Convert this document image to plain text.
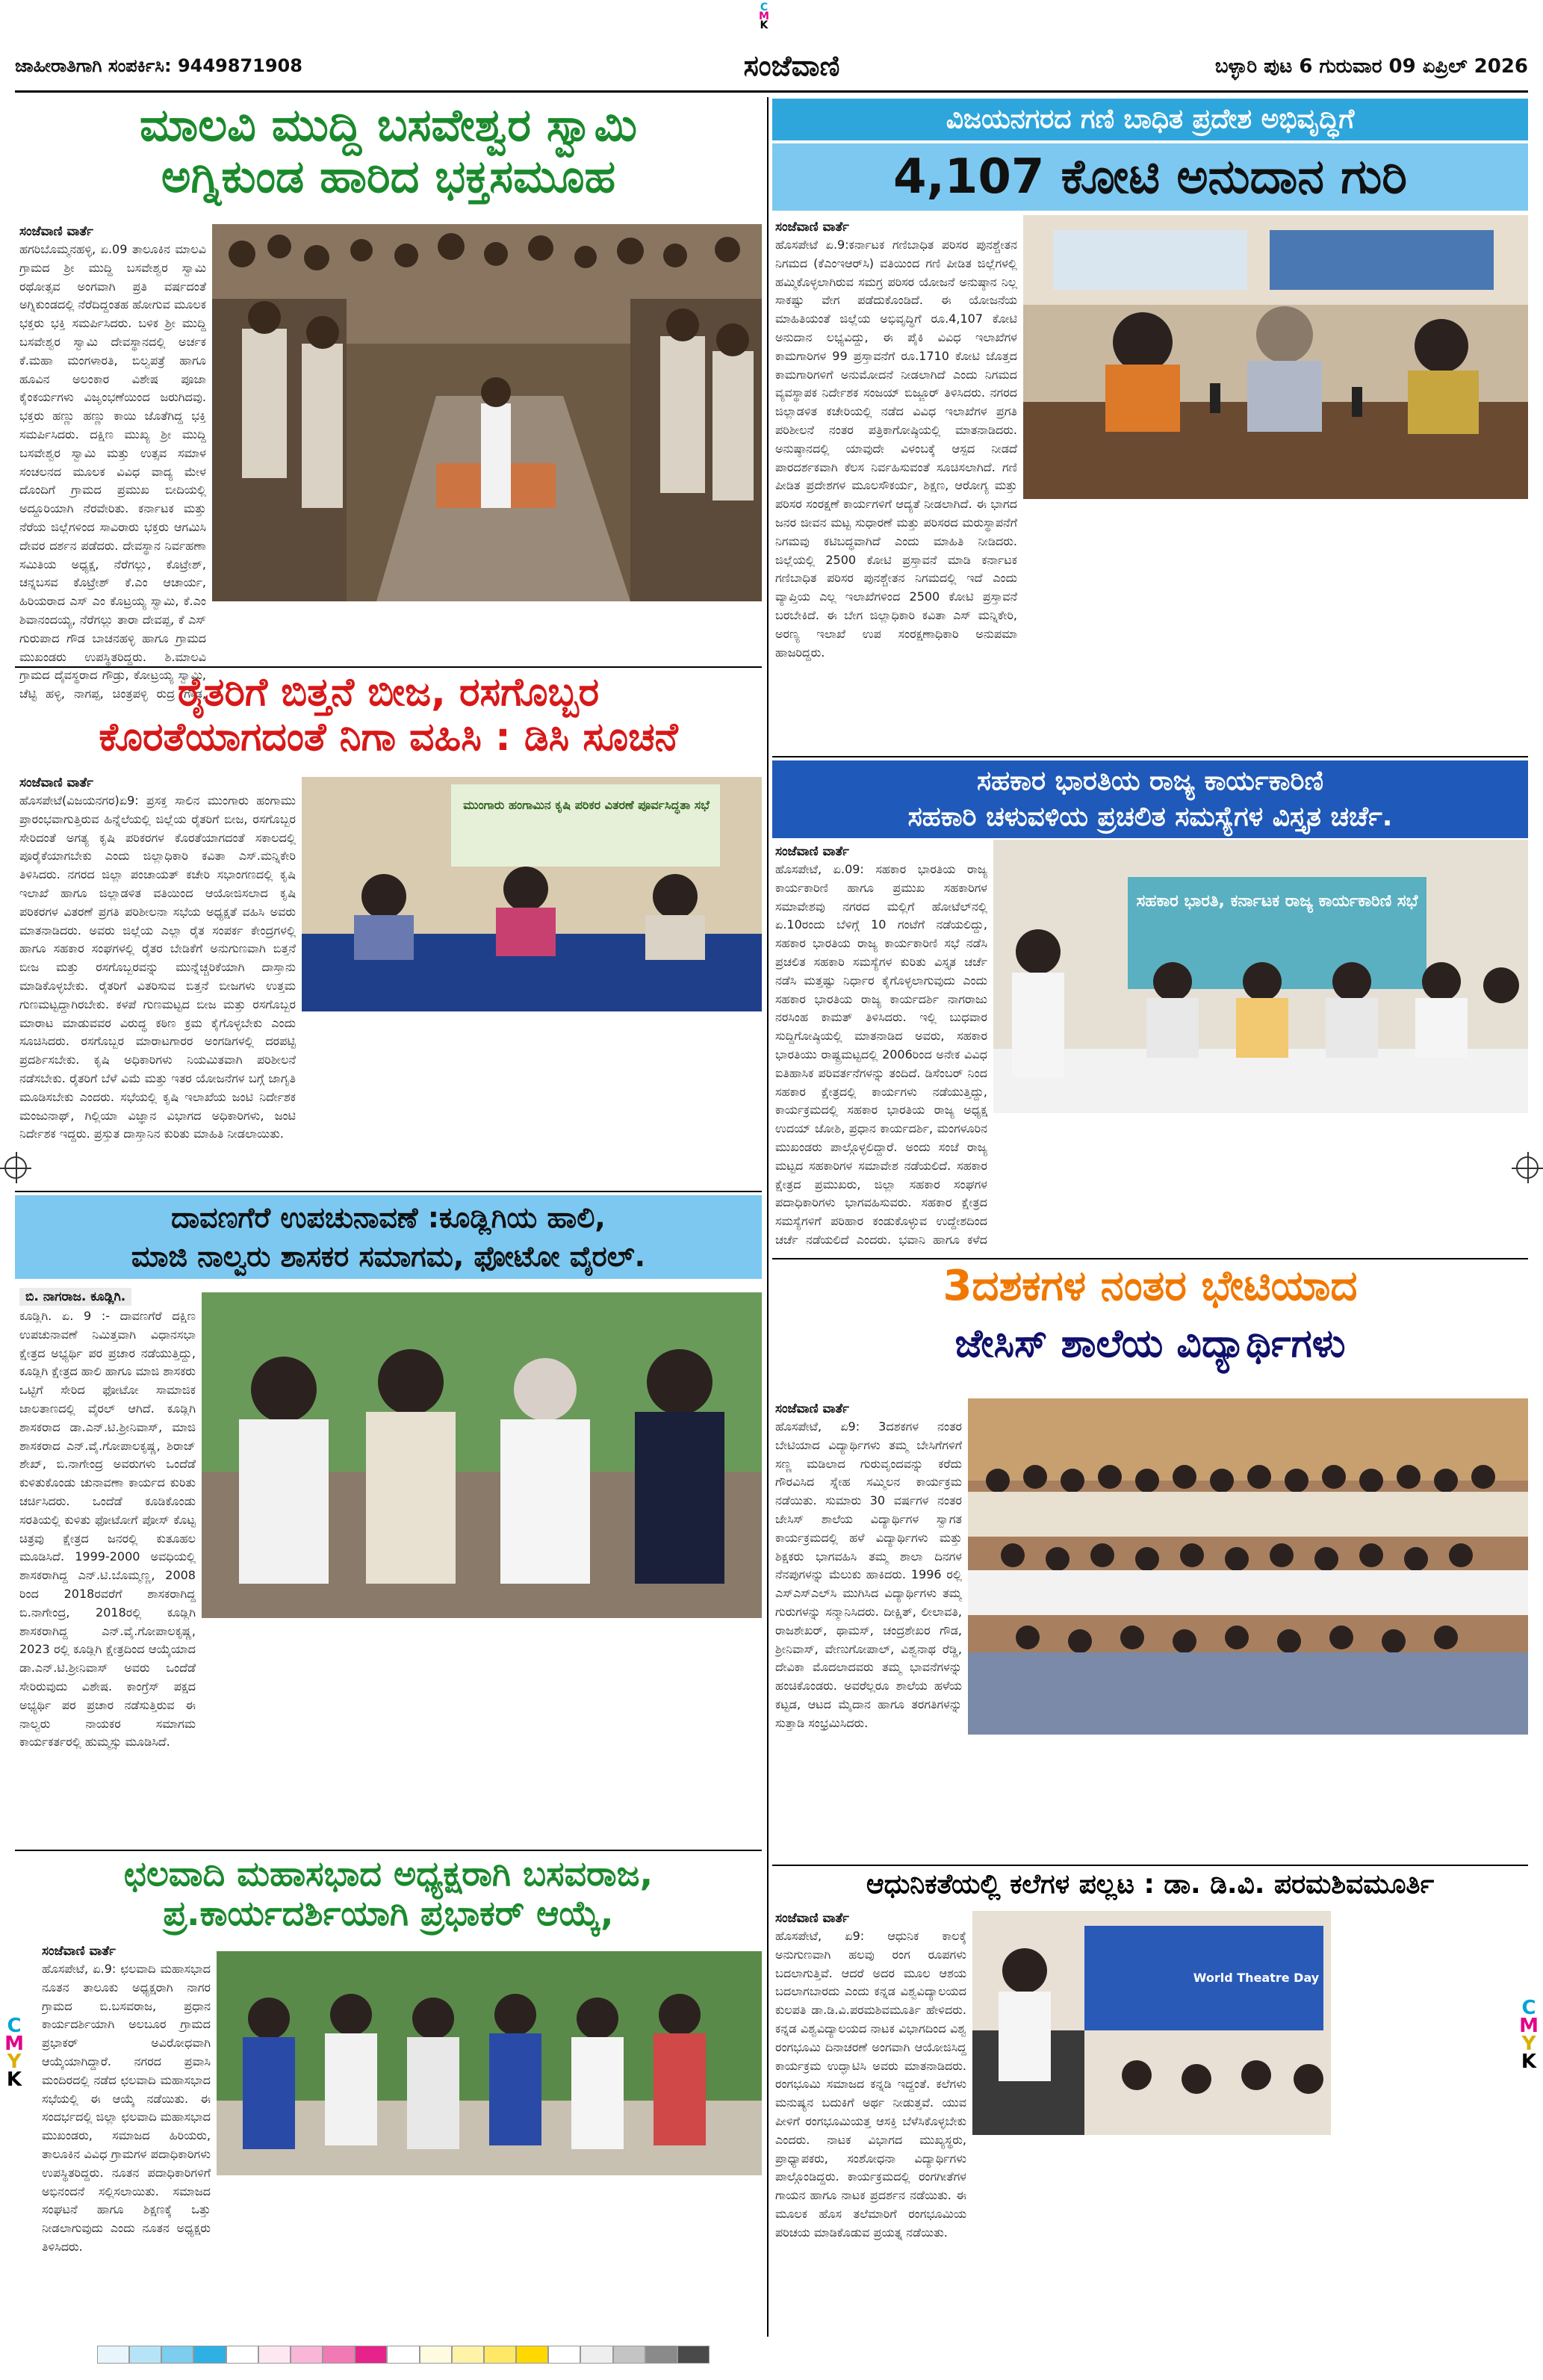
C
M
K
C
M
Y
K
C
M
Y
K
ಜಾಹೀರಾತಿಗಾಗಿ ಸಂಪರ್ಕಿಸಿ: 9449871908	ಸಂಜೆವಾಣಿ	ಬಳ್ಳಾರಿ ಪುಟ 6 ಗುರುವಾರ 09 ಏಪ್ರಿಲ್ 2026
ಮಾಲವಿ ಮುದ್ದಿ ಬಸವೇಶ್ವರ ಸ್ವಾಮಿ
ಅಗ್ನಿಕುಂಡ ಹಾರಿದ ಭಕ್ತಸಮೂಹ
ಸಂಜೆವಾಣಿ ವಾರ್ತೆ
ಹಗರಿಬೊಮ್ಮನಹಳ್ಳಿ, ಏ.09 ತಾಲೂಕಿನ ಮಾಲವಿ ಗ್ರಾಮದ ಶ್ರೀ ಮುದ್ದಿ ಬಸವೇಶ್ವರ ಸ್ವಾಮಿ ರಥೋತ್ಸವ ಅಂಗವಾಗಿ ಪ್ರತಿ ವರ್ಷದಂತೆ ಅಗ್ನಿಕುಂಡದಲ್ಲಿ ನೆರೆದಿದ್ದಂತಹ ಹೋಗುವ ಮೂಲಕ ಭಕ್ತರು ಭಕ್ತಿ ಸಮರ್ಪಿಸಿದರು. ಬಳಿಕ ಶ್ರೀ ಮುದ್ದಿ ಬಸವೇಶ್ವರ ಸ್ವಾಮಿ ದೇವಸ್ಥಾನದಲ್ಲಿ ಅರ್ಚಕ ಕೆ.ಮಹಾ ಮಂಗಳಾರತಿ, ಬಿಲ್ವಪತ್ರೆ ಹಾಗೂ ಹೂವಿನ ಅಲಂಕಾರ ವಿಶೇಷ ಪೂಜಾ ಕೈಂಕರ್ಯಗಳು ವಿಜೃಂಭಣೆಯಿಂದ ಜರುಗಿದವು. ಭಕ್ತರು ಹಣ್ಣು ಹಣ್ಣು ಕಾಯಿ ಜೊತೆಗಿದ್ದ ಭಕ್ತಿ ಸಮರ್ಪಿಸಿದರು. ದಕ್ಷಿಣ ಮುಖ್ಯ ಶ್ರೀ ಮುದ್ದಿ ಬಸವೇಶ್ವರ ಸ್ವಾಮಿ ಮತ್ತು ಉತ್ಸವ ಸಮಾಳ ಸಂಚಲನದ ಮೂಲಕ ವಿವಿಧ ವಾದ್ಯ ಮೇಳ ದೊಂದಿಗೆ ಗ್ರಾಮದ ಪ್ರಮುಖ ಬೀದಿಯಲ್ಲಿ ಅದ್ದೂರಿಯಾಗಿ ನೆರವೇರಿತು. ಕರ್ನಾಟಕ ಮತ್ತು ನೆರೆಯ ಜಿಲ್ಲೆಗಳಿಂದ ಸಾವಿರಾರು ಭಕ್ತರು ಆಗಮಿಸಿ ದೇವರ ದರ್ಶನ ಪಡೆದರು. ದೇವಸ್ಥಾನ ನಿರ್ವಹಣಾ ಸಮಿತಿಯ ಅಧ್ಯಕ್ಷ, ನೆರೆಗಲ್ಲು, ಕೊಟ್ರೇಶ್, ಚನ್ನಬಸವ ಕೊಟ್ರೇಶ್ ಕೆ.ಎಂ ಆಚಾರ್ಯ, ಹಿರಿಯರಾದ ಎಸ್ ಎಂ ಕೊಟ್ರಯ್ಯ ಸ್ವಾಮಿ, ಕೆ.ಎಂ ಶಿವಾನಂದಯ್ಯ, ನೆರೆಗಲ್ಲು ತಾರಾ ದೇವಪ್ಪ, ಕೆ ಎಸ್ ಗುರುಪಾದ ಗೌಡ ಬಾಚನಹಳ್ಳಿ ಹಾಗೂ ಗ್ರಾಮದ ಮುಖಂಡರು ಉಪಸ್ಥಿತರಿದ್ದರು. ಶಿ.ಮಾಲವಿ ಗ್ರಾಮದ ದೈವಸ್ಥರಾದ ಗೌಡ್ರು, ಕೋಟ್ರಯ್ಯ ಸ್ವಾಮಿ, ಚೆಟ್ಟಿ ಹಳ್ಳಿ, ನಾಗಪ್ಪ, ಚಿಂತ್ರಪಳ್ಳಿ ರುದ್ರ ಗೌಡ,
ವಿಜಯನಗರದ ಗಣಿ ಬಾಧಿತ ಪ್ರದೇಶ ಅಭಿವೃದ್ಧಿಗೆ
4,107 ಕೋಟಿ ಅನುದಾನ ಗುರಿ
ಸಂಜೆವಾಣಿ ವಾರ್ತೆ
ಹೊಸಪೇಟೆ ಏ.9:ಕರ್ನಾಟಕ ಗಣಿಬಾಧಿತ ಪರಿಸರ ಪುನಶ್ಚೇತನ ನಿಗಮದ (ಕೆಎಂಇಆರ್‌ಸಿ) ವತಿಯಿಂದ ಗಣಿ ಪೀಡಿತ ಜಿಲ್ಲೆಗಳಲ್ಲಿ ಹಮ್ಮಿಕೊಳ್ಳಲಾಗಿರುವ ಸಮಗ್ರ ಪರಿಸರ ಯೋಜನೆ ಅನುಷ್ಠಾನ ನಿಲ್ಲ ಸಾಕಷ್ಟು ವೇಗ ಪಡೆದುಕೊಂಡಿದೆ. ಈ ಯೋಜನೆಯ ಮಾಹಿತಿಯಂತೆ ಜಿಲ್ಲೆಯ ಅಭಿವೃದ್ಧಿಗೆ ರೂ.4,107 ಕೋಟಿ ಅನುದಾನ ಲಭ್ಯವಿದ್ದು, ಈ ಪೈಕಿ ವಿವಿಧ ಇಲಾಖೆಗಳ ಕಾಮಗಾರಿಗಳ 99 ಪ್ರಸ್ತಾವನೆಗೆ ರೂ.1710 ಕೋಟಿ ಜೊತ್ತದ ಕಾಮಗಾರಿಗಳಿಗೆ ಅನುಮೋದನೆ ನೀಡಲಾಗಿದೆ ಎಂದು ನಿಗಮದ ವ್ಯವಸ್ಥಾಪಕ ನಿರ್ದೇಶಕ ಸಂಜಯ್ ಬಿಜ್ಜೂರ್ ತಿಳಿಸಿದರು. ನಗರದ ಜಿಲ್ಲಾಡಳಿತ ಕಚೇರಿಯಲ್ಲಿ ನಡೆದ ವಿವಿಧ ಇಲಾಖೆಗಳ ಪ್ರಗತಿ ಪರಿಶೀಲನೆ ನಂತರ ಪತ್ರಿಕಾಗೋಷ್ಠಿಯಲ್ಲಿ ಮಾತನಾಡಿದರು. ಅನುಷ್ಠಾನದಲ್ಲಿ ಯಾವುದೇ ವಿಳಂಬಕ್ಕೆ ಆಸ್ಪದ ನೀಡದೆ ಪಾರದರ್ಶಕವಾಗಿ ಕೆಲಸ ನಿರ್ವಹಿಸುವಂತೆ ಸೂಚಿಸಲಾಗಿದೆ. ಗಣಿ ಪೀಡಿತ ಪ್ರದೇಶಗಳ ಮೂಲಸೌಕರ್ಯ, ಶಿಕ್ಷಣ, ಆರೋಗ್ಯ ಮತ್ತು ಪರಿಸರ ಸಂರಕ್ಷಣೆ ಕಾರ್ಯಗಳಿಗೆ ಆದ್ಯತೆ ನೀಡಲಾಗಿದೆ. ಈ ಭಾಗದ ಜನರ ಜೀವನ ಮಟ್ಟ ಸುಧಾರಣೆ ಮತ್ತು ಪರಿಸರದ ಮರುಸ್ಥಾಪನೆಗೆ ನಿಗಮವು ಕಟಿಬದ್ಧವಾಗಿದೆ ಎಂದು ಮಾಹಿತಿ ನೀಡಿದರು. ಜಿಲ್ಲೆಯಲ್ಲಿ 2500 ಕೋಟಿ ಪ್ರಸ್ತಾವನೆ ಮಾಡಿ ಕರ್ನಾಟಕ ಗಣಿಬಾಧಿತ ಪರಿಸರ ಪುನಶ್ಚೇತನ ನಿಗಮದಲ್ಲಿ ಇದೆ ಎಂದು ವ್ಯಾಪ್ತಿಯ ಎಲ್ಲ ಇಲಾಖೆಗಳಿಂದ 2500 ಕೋಟಿ ಪ್ರಸ್ತಾವನೆ ಬರಬೇಕಿದೆ. ಈ ಬೇಗ ಜಿಲ್ಲಾಧಿಕಾರಿ ಕವಿತಾ ಎಸ್ ಮನ್ನಿಕೇರಿ, ಅರಣ್ಯ ಇಲಾಖೆ ಉಪ ಸಂರಕ್ಷಣಾಧಿಕಾರಿ ಅನುಪಮಾ ಹಾಜರಿದ್ದರು.
ರೈತರಿಗೆ ಬಿತ್ತನೆ ಬೀಜ, ರಸಗೊಬ್ಬರ
ಕೊರತೆಯಾಗದಂತೆ ನಿಗಾ ವಹಿಸಿ : ಡಿಸಿ ಸೂಚನೆ
ಸಂಜೆವಾಣಿ ವಾರ್ತೆ
ಹೊಸಪೇಟೆ(ವಿಜಯನಗರ)ಏ9: ಪ್ರಸಕ್ತ ಸಾಲಿನ ಮುಂಗಾರು ಹಂಗಾಮು ಪ್ರಾರಂಭವಾಗುತ್ತಿರುವ ಹಿನ್ನೆಲೆಯಲ್ಲಿ ಜಿಲ್ಲೆಯ ರೈತರಿಗೆ ಬೀಜ, ರಸಗೊಬ್ಬರ ಸೇರಿದಂತೆ ಅಗತ್ಯ ಕೃಷಿ ಪರಿಕರಗಳ ಕೊರತೆಯಾಗದಂತೆ ಸಕಾಲದಲ್ಲಿ ಪೂರೈಕೆಯಾಗಬೇಕು ಎಂದು ಜಿಲ್ಲಾಧಿಕಾರಿ ಕವಿತಾ ಎಸ್.ಮನ್ನಿಕೇರಿ ತಿಳಿಸಿದರು. ನಗರದ ಜಿಲ್ಲಾ ಪಂಚಾಯತ್ ಕಚೇರಿ ಸಭಾಂಗಣದಲ್ಲಿ ಕೃಷಿ ಇಲಾಖೆ ಹಾಗೂ ಜಿಲ್ಲಾಡಳಿತ ವತಿಯಿಂದ ಆಯೋಜಿಸಲಾದ ಕೃಷಿ ಪರಿಕರಗಳ ವಿತರಣೆ ಪ್ರಗತಿ ಪರಿಶೀಲನಾ ಸಭೆಯ ಅಧ್ಯಕ್ಷತೆ ವಹಿಸಿ ಅವರು ಮಾತನಾಡಿದರು. ಅವರು ಜಿಲ್ಲೆಯ ಎಲ್ಲಾ ರೈತ ಸಂಪರ್ಕ ಕೇಂದ್ರಗಳಲ್ಲಿ ಹಾಗೂ ಸಹಕಾರ ಸಂಘಗಳಲ್ಲಿ ರೈತರ ಬೇಡಿಕೆಗೆ ಅನುಗುಣವಾಗಿ ಬಿತ್ತನೆ ಬೀಜ ಮತ್ತು ರಸಗೊಬ್ಬರವನ್ನು ಮುನ್ನೆಚ್ಚರಿಕೆಯಾಗಿ ದಾಸ್ತಾನು ಮಾಡಿಕೊಳ್ಳಬೇಕು. ರೈತರಿಗೆ ವಿತರಿಸುವ ಬಿತ್ತನೆ ಬೀಜಗಳು ಉತ್ತಮ ಗುಣಮಟ್ಟದ್ದಾಗಿರಬೇಕು. ಕಳಪೆ ಗುಣಮಟ್ಟದ ಬೀಜ ಮತ್ತು ರಸಗೊಬ್ಬರ ಮಾರಾಟ ಮಾಡುವವರ ವಿರುದ್ಧ ಕಠಿಣ ಕ್ರಮ ಕೈಗೊಳ್ಳಬೇಕು ಎಂದು ಸೂಚಿಸಿದರು. ರಸಗೊಬ್ಬರ ಮಾರಾಟಗಾರರ ಅಂಗಡಿಗಳಲ್ಲಿ ದರಪಟ್ಟಿ ಪ್ರದರ್ಶಿಸಬೇಕು. ಕೃಷಿ ಅಧಿಕಾರಿಗಳು ನಿಯಮಿತವಾಗಿ ಪರಿಶೀಲನೆ ನಡೆಸಬೇಕು. ರೈತರಿಗೆ ಬೆಳೆ ವಿಮೆ ಮತ್ತು ಇತರ ಯೋಜನೆಗಳ ಬಗ್ಗೆ ಜಾಗೃತಿ ಮೂಡಿಸಬೇಕು ಎಂದರು. ಸಭೆಯಲ್ಲಿ ಕೃಷಿ ಇಲಾಖೆಯ ಜಂಟಿ ನಿರ್ದೇಶಕ ಮಂಜುನಾಥ್, ಗಿಲ್ಲಿಯಾ ವಿಜ್ಞಾನ ವಿಭಾಗದ ಅಧಿಕಾರಿಗಳು, ಜಂಟಿ ನಿರ್ದೇಶಕ ಇದ್ದರು. ಪ್ರಸ್ತುತ ದಾಸ್ತಾನಿನ ಕುರಿತು ಮಾಹಿತಿ ನೀಡಲಾಯಿತು.
ಮುಂಗಾರು ಹಂಗಾಮಿನ ಕೃಷಿ ಪರಿಕರ ವಿತರಣೆ ಪೂರ್ವಸಿದ್ಧತಾ ಸಭೆ
ಸಹಕಾರ ಭಾರತಿಯ ರಾಜ್ಯ ಕಾರ್ಯಕಾರಿಣಿ
ಸಹಕಾರಿ ಚಳುವಳಿಯ ಪ್ರಚಲಿತ ಸಮಸ್ಯೆಗಳ ವಿಸ್ತೃತ ಚರ್ಚೆ.
ಸಂಜೆವಾಣಿ ವಾರ್ತೆ
ಹೊಸಪೇಟೆ, ಏ.09: ಸಹಕಾರ ಭಾರತಿಯ ರಾಜ್ಯ ಕಾರ್ಯಕಾರಿಣಿ ಹಾಗೂ ಪ್ರಮುಖ ಸಹಕಾರಿಗಳ ಸಮಾವೇಶವು ನಗರದ ಮಲ್ಲಿಗೆ ಹೋಟೆಲ್‌ನಲ್ಲಿ ಏ.10ರಂದು ಬೆಳಿಗ್ಗೆ 10 ಗಂಟೆಗೆ ನಡೆಯಲಿದ್ದು, ಸಹಕಾರ ಭಾರತಿಯ ರಾಜ್ಯ ಕಾರ್ಯಕಾರಿಣಿ ಸಭೆ ನಡೆಸಿ ಪ್ರಚಲಿತ ಸಹಕಾರಿ ಸಮಸ್ಯೆಗಳ ಕುರಿತು ವಿಸ್ತೃತ ಚರ್ಚೆ ನಡೆಸಿ ಮತ್ತಷ್ಟು ನಿರ್ಧಾರ ಕೈಗೊಳ್ಳಲಾಗುವುದು ಎಂದು ಸಹಕಾರ ಭಾರತಿಯ ರಾಜ್ಯ ಕಾರ್ಯದರ್ಶಿ ನಾಗರಾಜು ನರಸಿಂಹ ಕಾಮತ್ ತಿಳಿಸಿದರು. ಇಲ್ಲಿ ಬುಧವಾರ ಸುದ್ದಿಗೋಷ್ಠಿಯಲ್ಲಿ ಮಾತನಾಡಿದ ಅವರು, ಸಹಕಾರ ಭಾರತಿಯು ರಾಷ್ಟ್ರಮಟ್ಟದಲ್ಲಿ 2006ರಿಂದ ಅನೇಕ ವಿವಿಧ ಐತಿಹಾಸಿಕ ಪರಿವರ್ತನೆಗಳನ್ನು ತಂದಿದೆ. ಡಿಸೆಂಬರ್ ನಿಂದ ಸಹಕಾರ ಕ್ಷೇತ್ರದಲ್ಲಿ ಕಾರ್ಯಗಳು ನಡೆಯುತ್ತಿದ್ದು, ಕಾರ್ಯಕ್ರಮದಲ್ಲಿ ಸಹಕಾರ ಭಾರತಿಯ ರಾಜ್ಯ ಅಧ್ಯಕ್ಷ ಉದಯ್ ಜೋಶಿ, ಪ್ರಧಾನ ಕಾರ್ಯದರ್ಶಿ, ಮಂಗಳೂರಿನ ಮುಖಂಡರು ಪಾಲ್ಗೊಳ್ಳಲಿದ್ದಾರೆ. ಅಂದು ಸಂಜೆ ರಾಜ್ಯ ಮಟ್ಟದ ಸಹಕಾರಿಗಳ ಸಮಾವೇಶ ನಡೆಯಲಿದೆ. ಸಹಕಾರ ಕ್ಷೇತ್ರದ ಪ್ರಮುಖರು, ಜಿಲ್ಲಾ ಸಹಕಾರ ಸಂಘಗಳ ಪದಾಧಿಕಾರಿಗಳು ಭಾಗವಹಿಸುವರು. ಸಹಕಾರ ಕ್ಷೇತ್ರದ ಸಮಸ್ಯೆಗಳಿಗೆ ಪರಿಹಾರ ಕಂಡುಕೊಳ್ಳುವ ಉದ್ದೇಶದಿಂದ ಚರ್ಚೆ ನಡೆಯಲಿದೆ ಎಂದರು. ಭವಾನಿ ಹಾಗೂ ಕಳೆದ
ಸಹಕಾರ ಭಾರತಿ, ಕರ್ನಾಟಕ ರಾಜ್ಯ ಕಾರ್ಯಕಾರಿಣಿ ಸಭೆ
ದಾವಣಗೆರೆ ಉಪಚುನಾವಣೆ :ಕೂಡ್ಲಿಗಿಯ ಹಾಲಿ,
ಮಾಜಿ ನಾಲ್ವರು ಶಾಸಕರ ಸಮಾಗಮ, ಫೋಟೋ ವೈರಲ್.
ಬಿ. ನಾಗರಾಜ. ಕೂಡ್ಲಿಗಿ.
ಕೂಡ್ಲಿಗಿ. ಏ. 9 :- ದಾವಣಗೆರೆ ದಕ್ಷಿಣ ಉಪಚುನಾವಣೆ ನಿಮಿತ್ತವಾಗಿ ವಿಧಾನಸಭಾ ಕ್ಷೇತ್ರದ ಅಭ್ಯರ್ಥಿ ಪರ ಪ್ರಚಾರ ನಡೆಯುತ್ತಿದ್ದು, ಕೂಡ್ಲಿಗಿ ಕ್ಷೇತ್ರದ ಹಾಲಿ ಹಾಗೂ ಮಾಜಿ ಶಾಸಕರು ಒಟ್ಟಿಗೆ ಸೇರಿದ ಫೋಟೋ ಸಾಮಾಜಿಕ ಜಾಲತಾಣದಲ್ಲಿ ವೈರಲ್ ಆಗಿದೆ. ಕೂಡ್ಲಿಗಿ ಶಾಸಕರಾದ ಡಾ.ಎನ್.ಟಿ.ಶ್ರೀನಿವಾಸ್, ಮಾಜಿ ಶಾಸಕರಾದ ಎನ್.ವೈ.ಗೋಪಾಲಕೃಷ್ಣ, ಶಿರಾಜ್ ಶೇಖ್, ಬಿ.ನಾಗೇಂದ್ರ ಅವರುಗಳು ಒಂದೆಡೆ ಕುಳಿತುಕೊಂಡು ಚುನಾವಣಾ ಕಾರ್ಯದ ಕುರಿತು ಚರ್ಚಿಸಿದರು. ಒಂದೆಡೆ ಕೂಡಿಕೊಂಡು ಸರತಿಯಲ್ಲಿ ಕುಳಿತು ಫೋಟೋಗೆ ಪೋಸ್ ಕೊಟ್ಟ ಚಿತ್ರವು ಕ್ಷೇತ್ರದ ಜನರಲ್ಲಿ ಕುತೂಹಲ ಮೂಡಿಸಿದೆ. 1999-2000 ಅವಧಿಯಲ್ಲಿ ಶಾಸಕರಾಗಿದ್ದ ಎನ್.ಟಿ.ಬೊಮ್ಮಣ್ಣ, 2008 ರಿಂದ 2018ರವರೆಗೆ ಶಾಸಕರಾಗಿದ್ದ ಬಿ.ನಾಗೇಂದ್ರ, 2018ರಲ್ಲಿ ಕೂಡ್ಲಿಗಿ ಶಾಸಕರಾಗಿದ್ದ ಎನ್.ವೈ.ಗೋಪಾಲಕೃಷ್ಣ, 2023 ರಲ್ಲಿ ಕೂಡ್ಲಿಗಿ ಕ್ಷೇತ್ರದಿಂದ ಆಯ್ಕೆಯಾದ ಡಾ.ಎನ್.ಟಿ.ಶ್ರೀನಿವಾಸ್ ಅವರು ಒಂದೆಡೆ ಸೇರಿರುವುದು ವಿಶೇಷ. ಕಾಂಗ್ರೆಸ್ ಪಕ್ಷದ ಅಭ್ಯರ್ಥಿ ಪರ ಪ್ರಚಾರ ನಡೆಸುತ್ತಿರುವ ಈ ನಾಲ್ವರು ನಾಯಕರ ಸಮಾಗಮ ಕಾರ್ಯಕರ್ತರಲ್ಲಿ ಹುಮ್ಮಸ್ಸು ಮೂಡಿಸಿದೆ.
3ದಶಕಗಳ ನಂತರ ಭೇಟಿಯಾದ
ಜೇಸಿಸ್ ಶಾಲೆಯ ವಿದ್ಯಾರ್ಥಿಗಳು
ಸಂಜೆವಾಣಿ ವಾರ್ತೆ
ಹೊಸಪೇಟೆ, ಏ9: 3ದಶಕಗಳ ನಂತರ ಬೇಟಿಯಾದ ವಿದ್ಯಾರ್ಥಿಗಳು ತಮ್ಮ ಬೇಸಿಗೆಗಳಿಗೆ ಸಣ್ಣ ಮಡಿಲಾದ ಗುರುವೃಂದವನ್ನು ಕರೆದು ಗೌರವಿಸಿದ ಸ್ನೇಹ ಸಮ್ಮಿಲನ ಕಾರ್ಯಕ್ರಮ ನಡೆಯಿತು. ಸುಮಾರು 30 ವರ್ಷಗಳ ನಂತರ ಜೇಸಿಸ್ ಶಾಲೆಯ ವಿದ್ಯಾರ್ಥಿಗಳ ಸ್ವಾಗತ ಕಾರ್ಯಕ್ರಮದಲ್ಲಿ ಹಳೆ ವಿದ್ಯಾರ್ಥಿಗಳು ಮತ್ತು ಶಿಕ್ಷಕರು ಭಾಗವಹಿಸಿ ತಮ್ಮ ಶಾಲಾ ದಿನಗಳ ನೆನಪುಗಳನ್ನು ಮೆಲುಕು ಹಾಕಿದರು. 1996 ರಲ್ಲಿ ಎಸ್ಎಸ್ಎಲ್‌ಸಿ ಮುಗಿಸಿದ ವಿದ್ಯಾರ್ಥಿಗಳು ತಮ್ಮ ಗುರುಗಳನ್ನು ಸನ್ಮಾನಿಸಿದರು. ದೀಕ್ಷಿತ್, ಲೀಲಾವತಿ, ರಾಜಶೇಖರ್, ಥಾಮಸ್, ಚಂದ್ರಶೇಖರ ಗೌಡ, ಶ್ರೀನಿವಾಸ್, ವೇಣುಗೋಪಾಲ್, ವಿಶ್ವನಾಥ ರೆಡ್ಡಿ, ದೇವಿಕಾ ಮೊದಲಾದವರು ತಮ್ಮ ಭಾವನೆಗಳನ್ನು ಹಂಚಿಕೊಂಡರು. ಅವರೆಲ್ಲರೂ ಶಾಲೆಯ ಹಳೆಯ ಕಟ್ಟಡ, ಆಟದ ಮೈದಾನ ಹಾಗೂ ತರಗತಿಗಳನ್ನು ಸುತ್ತಾಡಿ ಸಂಭ್ರಮಿಸಿದರು.
ಛಲವಾದಿ ಮಹಾಸಭಾದ ಅಧ್ಯಕ್ಷರಾಗಿ ಬಸವರಾಜ,
ಪ್ರ.ಕಾರ್ಯದರ್ಶಿಯಾಗಿ ಪ್ರಭಾಕರ್ ಆಯ್ಕೆ,
ಸಂಜೆವಾಣಿ ವಾರ್ತೆ
ಹೊಸಪೇಟೆ, ಏ.9: ಛಲವಾದಿ ಮಹಾಸಭಾದ ನೂತನ ತಾಲೂಕು ಅಧ್ಯಕ್ಷರಾಗಿ ನಾಗರ ಗ್ರಾಮದ ಬಿ.ಬಸವರಾಜ, ಪ್ರಧಾನ ಕಾರ್ಯದರ್ಶಿಯಾಗಿ ಅಲಬೂರ ಗ್ರಾಮದ ಪ್ರಭಾಕರ್ ಅವಿರೋಧವಾಗಿ ಆಯ್ಕೆಯಾಗಿದ್ದಾರೆ. ನಗರದ ಪ್ರವಾಸಿ ಮಂದಿರದಲ್ಲಿ ನಡೆದ ಛಲವಾದಿ ಮಹಾಸಭಾದ ಸಭೆಯಲ್ಲಿ ಈ ಆಯ್ಕೆ ನಡೆಯಿತು. ಈ ಸಂದರ್ಭದಲ್ಲಿ ಜಿಲ್ಲಾ ಛಲವಾದಿ ಮಹಾಸಭಾದ ಮುಖಂಡರು, ಸಮಾಜದ ಹಿರಿಯರು, ತಾಲೂಕಿನ ವಿವಿಧ ಗ್ರಾಮಗಳ ಪದಾಧಿಕಾರಿಗಳು ಉಪಸ್ಥಿತರಿದ್ದರು. ನೂತನ ಪದಾಧಿಕಾರಿಗಳಿಗೆ ಅಭಿನಂದನೆ ಸಲ್ಲಿಸಲಾಯಿತು. ಸಮಾಜದ ಸಂಘಟನೆ ಹಾಗೂ ಶಿಕ್ಷಣಕ್ಕೆ ಒತ್ತು ನೀಡಲಾಗುವುದು ಎಂದು ನೂತನ ಅಧ್ಯಕ್ಷರು ತಿಳಿಸಿದರು.
ಆಧುನಿಕತೆಯಲ್ಲಿ ಕಲೆಗಳ ಪಲ್ಲಟ : ಡಾ. ಡಿ.ವಿ. ಪರಮಶಿವಮೂರ್ತಿ
ಸಂಜೆವಾಣಿ ವಾರ್ತೆ
ಹೊಸಪೇಟೆ, ಏ9: ಆಧುನಿಕ ಕಾಲಕ್ಕೆ ಅನುಗುಣವಾಗಿ ಹಲವು ರಂಗ ರೂಪಗಳು ಬದಲಾಗುತ್ತಿವೆ. ಆದರೆ ಅದರ ಮೂಲ ಆಶಯ ಬದಲಾಗಬಾರದು ಎಂದು ಕನ್ನಡ ವಿಶ್ವವಿದ್ಯಾಲಯದ ಕುಲಪತಿ ಡಾ.ಡಿ.ವಿ.ಪರಮಶಿವಮೂರ್ತಿ ಹೇಳಿದರು. ಕನ್ನಡ ವಿಶ್ವವಿದ್ಯಾಲಯದ ನಾಟಕ ವಿಭಾಗದಿಂದ ವಿಶ್ವ ರಂಗಭೂಮಿ ದಿನಾಚರಣೆ ಅಂಗವಾಗಿ ಆಯೋಜಿಸಿದ್ದ ಕಾರ್ಯಕ್ರಮ ಉದ್ಘಾಟಿಸಿ ಅವರು ಮಾತನಾಡಿದರು. ರಂಗಭೂಮಿ ಸಮಾಜದ ಕನ್ನಡಿ ಇದ್ದಂತೆ. ಕಲೆಗಳು ಮನುಷ್ಯನ ಬದುಕಿಗೆ ಅರ್ಥ ನೀಡುತ್ತವೆ. ಯುವ ಪೀಳಿಗೆ ರಂಗಭೂಮಿಯತ್ತ ಆಸಕ್ತಿ ಬೆಳೆಸಿಕೊಳ್ಳಬೇಕು ಎಂದರು. ನಾಟಕ ವಿಭಾಗದ ಮುಖ್ಯಸ್ಥರು, ಪ್ರಾಧ್ಯಾಪಕರು, ಸಂಶೋಧನಾ ವಿದ್ಯಾರ್ಥಿಗಳು ಪಾಲ್ಗೊಂಡಿದ್ದರು. ಕಾರ್ಯಕ್ರಮದಲ್ಲಿ ರಂಗಗೀತೆಗಳ ಗಾಯನ ಹಾಗೂ ನಾಟಕ ಪ್ರದರ್ಶನ ನಡೆಯಿತು. ಈ ಮೂಲಕ ಹೊಸ ತಲೆಮಾರಿಗೆ ರಂಗಭೂಮಿಯ ಪರಿಚಯ ಮಾಡಿಕೊಡುವ ಪ್ರಯತ್ನ ನಡೆಯಿತು.
World Theatre Day
